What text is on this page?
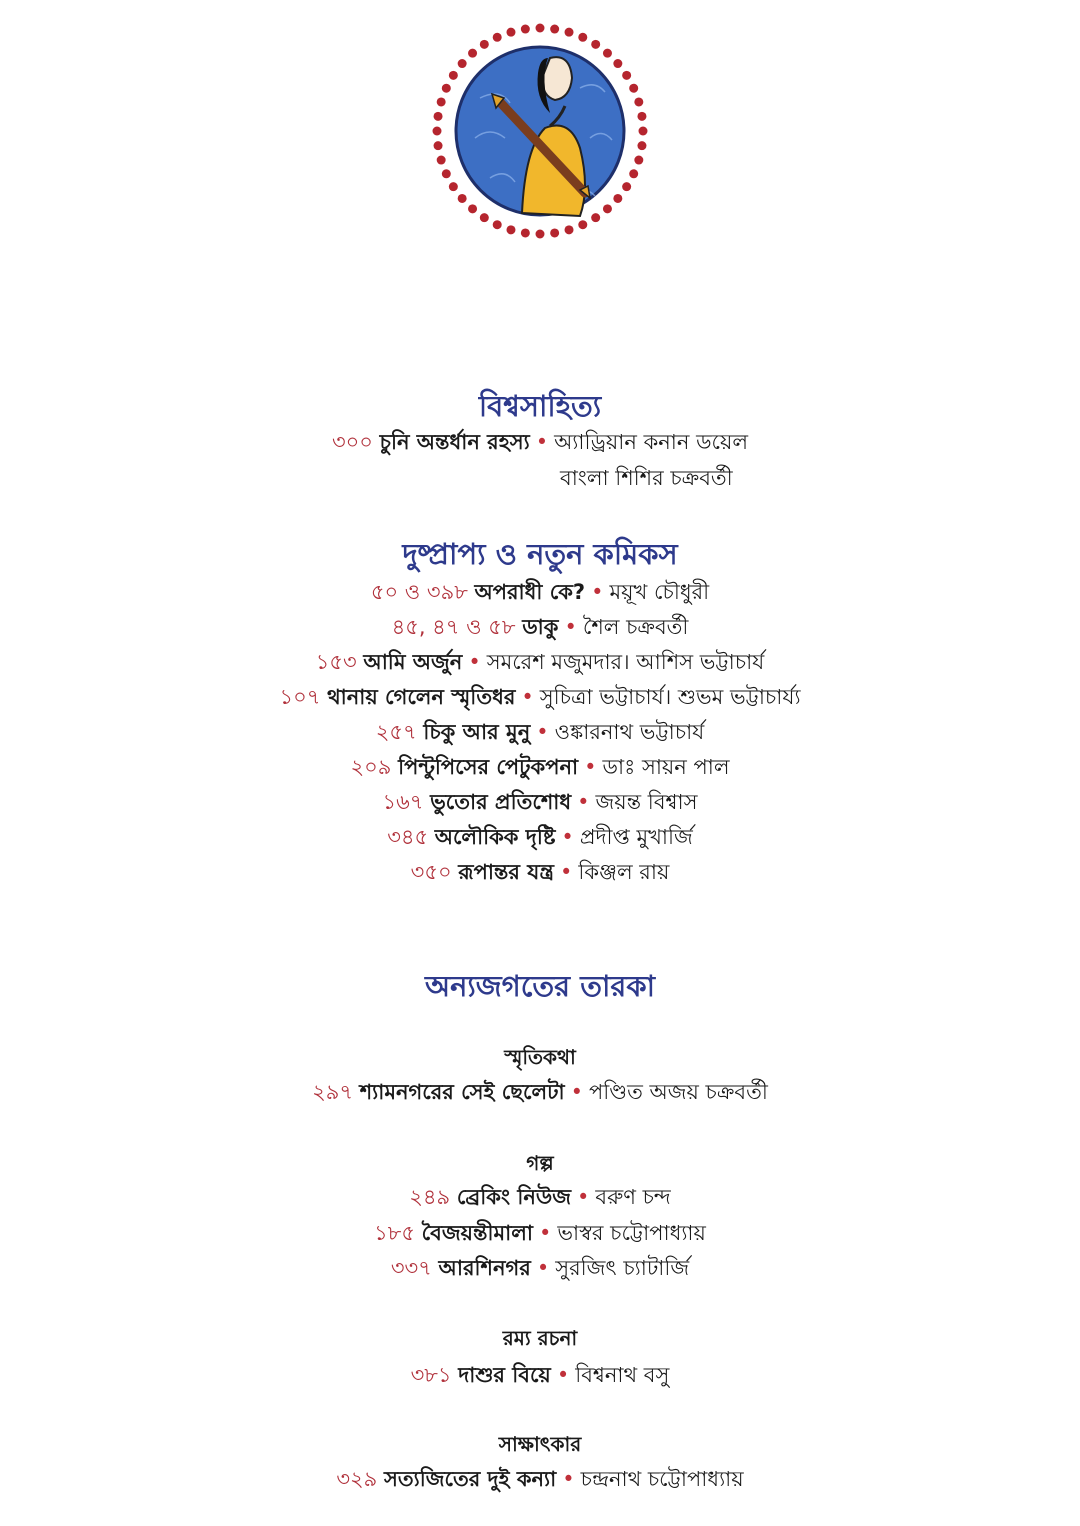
বিশ্বসাহিত্য
৩০০ চুনি অন্তর্ধান রহস্য • অ্যাড্রিয়ান কনান ডয়েল
বাংলা শিশির চক্রবর্তী
দুষ্প্রাপ্য ও নতুন কমিকস
৫০ ও ৩৯৮ অপরাধী কে? • ময়ূখ চৌধুরী
৪৫, ৪৭ ও ৫৮ ডাকু • শৈল চক্রবর্তী
১৫৩ আমি অর্জুন • সমরেশ মজুমদার। আশিস ভট্টাচার্য
১০৭ থানায় গেলেন স্মৃতিধর • সুচিত্রা ভট্টাচার্য। শুভম ভট্টাচার্য্য
২৫৭ চিকু আর মুনু • ওঙ্কারনাথ ভট্টাচার্য
২০৯ পিন্টুপিসের পেটুকপনা • ডাঃ সায়ন পাল
১৬৭ ভুতোর প্রতিশোধ • জয়ন্ত বিশ্বাস
৩৪৫ অলৌকিক দৃষ্টি • প্রদীপ্ত মুখার্জি
৩৫০ রূপান্তর যন্ত্র • কিঞ্জল রায়
অন্যজগতের তারকা
স্মৃতিকথা
২৯৭ শ্যামনগরের সেই ছেলেটা • পণ্ডিত অজয় চক্রবর্তী
গল্প
২৪৯ ব্রেকিং নিউজ • বরুণ চন্দ
১৮৫ বৈজয়ন্তীমালা • ভাস্বর চট্টোপাধ্যায়
৩৩৭ আরশিনগর • সুরজিৎ চ্যাটার্জি
রম্য রচনা
৩৮১ দাশুর বিয়ে • বিশ্বনাথ বসু
সাক্ষাৎকার
৩২৯ সত্যজিতের দুই কন্যা • চন্দ্রনাথ চট্টোপাধ্যায়
